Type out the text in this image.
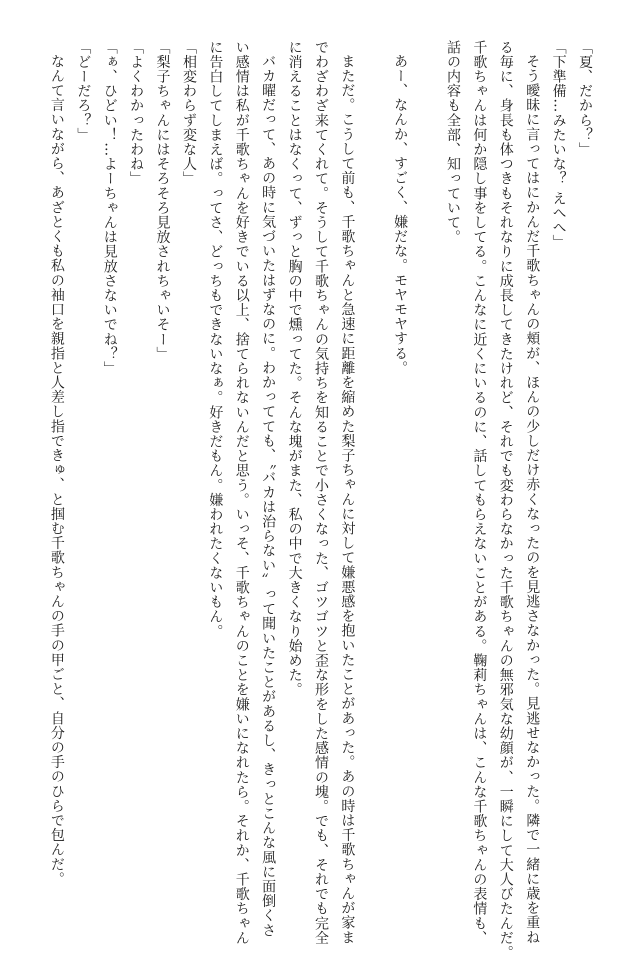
「夏、だから？」
「下準備…みたいな？ えへへ」
そう曖昧に言ってはにかんだ千歌ちゃんの頬が、ほんの少しだけ赤くなったのを見逃さなかった。見逃せなかった。隣で一緒に歳を重ね
る毎に、身長も体つきもそれなりに成長してきたけれど、それでも変わらなかった千歌ちゃんの無邪気な幼顔が、一瞬にして大人びたんだ。
千歌ちゃんは何か隠し事をしてる。こんなに近くにいるのに、話してもらえないことがある。鞠莉ちゃんは、こんな千歌ちゃんの表情も、
話の内容も全部、知っていて。
あー、なんか、すごく、嫌だな。モヤモヤする。
まただ。こうして前も、千歌ちゃんと急速に距離を縮めた梨子ちゃんに対して嫌悪感を抱いたことがあった。あの時は千歌ちゃんが家ま
でわざわざ来てくれて。そうして千歌ちゃんの気持ちを知ることで小さくなった、ゴツゴツと歪な形をした感情の塊。でも、それでも完全
に消えることはなくって、ずっと胸の中で燻ってた。そんな塊がまた、私の中で大きくなり始めた。
バカ曜だって、あの時に気づいたはずなのに。わかってても、〝バカは治らない〟って聞いたことがあるし、きっとこんな風に面倒くさ
い感情は私が千歌ちゃんを好きでいる以上、捨てられないんだと思う。いっそ、千歌ちゃんのことを嫌いになれたら。それか、千歌ちゃん
に告白してしまえば。ってさ、どっちもできないなぁ。好きだもん。嫌われたくないもん。
「相変わらず変な人」
「梨子ちゃんにはそろそろ見放されちゃいそー」
「よくわかったわね」
「ぁ、ひどい！…よーちゃんは見放さないでね？」
「どーだろ？」
なんて言いながら、あざとくも私の袖口を親指と人差し指できゅ、と掴む千歌ちゃんの手の甲ごと、自分の手のひらで包んだ。
